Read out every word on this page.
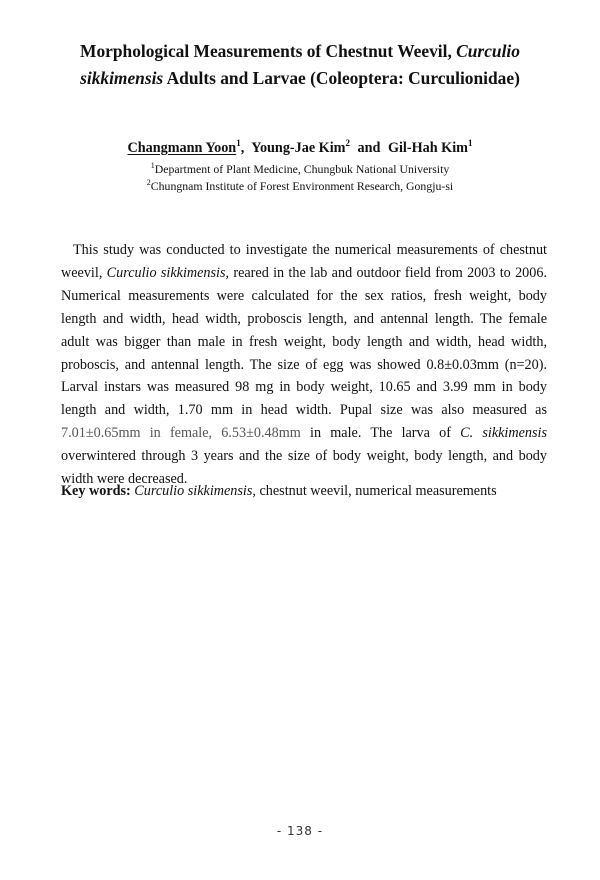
Morphological Measurements of Chestnut Weevil, Curculio sikkimensis Adults and Larvae (Coleoptera: Curculionidae)
Changmann Yoon$^1$, Young-Jae Kim$^2$ and Gil-Hah Kim$^1$
$^1$Department of Plant Medicine, Chungbuk National University
$^2$Chungnam Institute of Forest Environment Research, Gongju-si

This study was conducted to investigate the numerical measurements of chestnut weevil, Curculio sikkimensis, reared in the lab and outdoor field from 2003 to 2006. Numerical measurements were calculated for the sex ratios, fresh weight, body length and width, head width, proboscis length, and antennal length. The female adult was bigger than male in fresh weight, body length and width, head width, proboscis, and antennal length. The size of egg was showed 0.8±0.03mm (n=20). Larval instars was measured 98 mg in body weight, 10.65 and 3.99 mm in body length and width, 1.70 mm in head width. Pupal size was also measured as 7.01±0.65mm in female, 6.53±0.48mm in male. The larva of C. sikkimensis overwintered through 3 years and the size of body weight, body length, and body width were decreased.

Key words: Curculio sikkimensis, chestnut weevil, numerical measurements

- 138 -
